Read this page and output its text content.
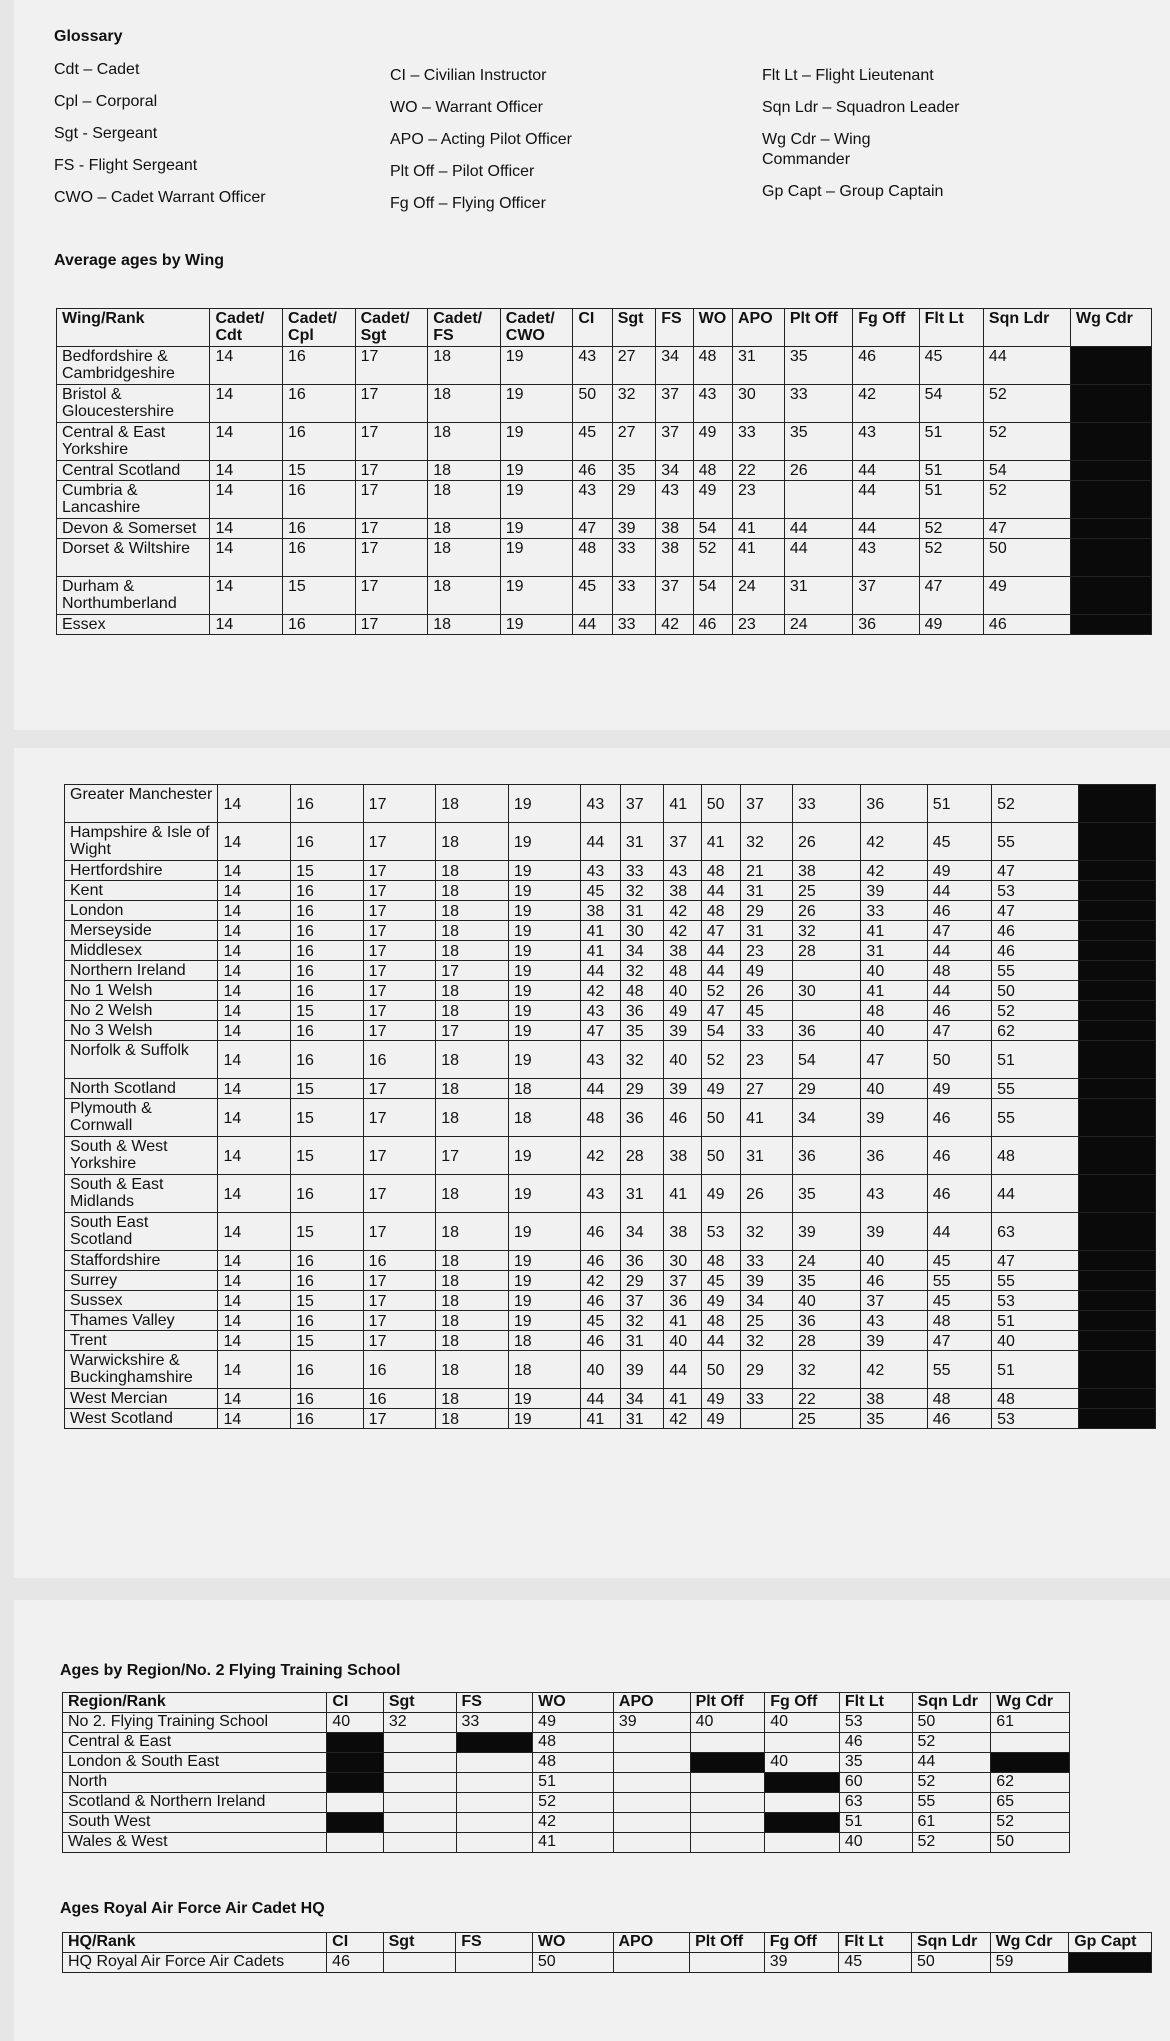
Glossary
Cdt – Cadet
Cpl – Corporal
Sgt - Sergeant
FS - Flight Sergeant
CWO – Cadet Warrant Officer
CI – Civilian Instructor
WO – Warrant Officer
APO – Acting Pilot Officer
Plt Off – Pilot Officer
Fg Off – Flying Officer
Flt Lt – Flight Lieutenant
Sqn Ldr – Squadron Leader
Wg Cdr – Wing Commander
Gp Capt – Group Captain
Average ages by Wing
Wing/Rank	Cadet/ Cdt	Cadet/ Cpl	Cadet/ Sgt	Cadet/ FS	Cadet/ CWO	CI	Sgt	FS	WO	APO	Plt Off	Fg Off	Flt Lt	Sqn Ldr	Wg Cdr
Bedfordshire & Cambridgeshire	14	16	17	18	19	43	27	34	48	31	35	46	45	44	
Bristol & Gloucestershire	14	16	17	18	19	50	32	37	43	30	33	42	54	52	
Central & East Yorkshire	14	16	17	18	19	45	27	37	49	33	35	43	51	52	
Central Scotland	14	15	17	18	19	46	35	34	48	22	26	44	51	54	
Cumbria & Lancashire	14	16	17	18	19	43	29	43	49	23		44	51	52	
Devon & Somerset	14	16	17	18	19	47	39	38	54	41	44	44	52	47	
Dorset & Wiltshire	14	16	17	18	19	48	33	38	52	41	44	43	52	50	
Durham & Northumberland	14	15	17	18	19	45	33	37	54	24	31	37	47	49	
Essex	14	16	17	18	19	44	33	42	46	23	24	36	49	46	
Greater Manchester	14	16	17	18	19	43	37	41	50	37	33	36	51	52	
Hampshire & Isle of Wight	14	16	17	18	19	44	31	37	41	32	26	42	45	55	
Hertfordshire	14	15	17	18	19	43	33	43	48	21	38	42	49	47	
Kent	14	16	17	18	19	45	32	38	44	31	25	39	44	53	
London	14	16	17	18	19	38	31	42	48	29	26	33	46	47	
Merseyside	14	16	17	18	19	41	30	42	47	31	32	41	47	46	
Middlesex	14	16	17	18	19	41	34	38	44	23	28	31	44	46	
Northern Ireland	14	16	17	17	19	44	32	48	44	49		40	48	55	
No 1 Welsh	14	16	17	18	19	42	48	40	52	26	30	41	44	50	
No 2 Welsh	14	15	17	18	19	43	36	49	47	45		48	46	52	
No 3 Welsh	14	16	17	17	19	47	35	39	54	33	36	40	47	62	
Norfolk & Suffolk	14	16	16	18	19	43	32	40	52	23	54	47	50	51	
North Scotland	14	15	17	18	18	44	29	39	49	27	29	40	49	55	
Plymouth & Cornwall	14	15	17	18	18	48	36	46	50	41	34	39	46	55	
South & West Yorkshire	14	15	17	17	19	42	28	38	50	31	36	36	46	48	
South & East Midlands	14	16	17	18	19	43	31	41	49	26	35	43	46	44	
South East Scotland	14	15	17	18	19	46	34	38	53	32	39	39	44	63	
Staffordshire	14	16	16	18	19	46	36	30	48	33	24	40	45	47	
Surrey	14	16	17	18	19	42	29	37	45	39	35	46	55	55	
Sussex	14	15	17	18	19	46	37	36	49	34	40	37	45	53	
Thames Valley	14	16	17	18	19	45	32	41	48	25	36	43	48	51	
Trent	14	15	17	18	18	46	31	40	44	32	28	39	47	40	
Warwickshire & Buckinghamshire	14	16	16	18	18	40	39	44	50	29	32	42	55	51	
West Mercian	14	16	16	18	19	44	34	41	49	33	22	38	48	48	
West Scotland	14	16	17	18	19	41	31	42	49		25	35	46	53	
Ages by Region/No. 2 Flying Training School
Region/Rank	CI	Sgt	FS	WO	APO	Plt Off	Fg Off	Flt Lt	Sqn Ldr	Wg Cdr
No 2. Flying Training School	40	32	33	49	39	40	40	53	50	61
Central & East				48				46	52	
London & South East				48			40	35	44	
North				51				60	52	62
Scotland & Northern Ireland				52				63	55	65
South West				42				51	61	52
Wales & West				41				40	52	50
Ages Royal Air Force Air Cadet HQ
HQ/Rank	CI	Sgt	FS	WO	APO	Plt Off	Fg Off	Flt Lt	Sqn Ldr	Wg Cdr	Gp Capt
HQ Royal Air Force Air Cadets	46			50			39	45	50	59	
